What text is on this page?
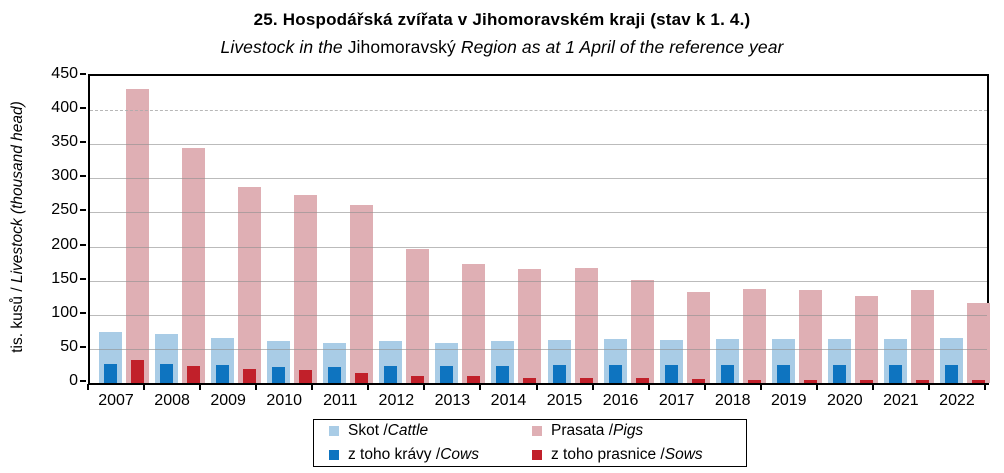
25. Hospodářská zvířata v Jihomoravském kraji (stav k 1. 4.)
Livestock in the Jihomoravský Region as at 1 April of the reference year
tis. kusů / Livestock (thousand head)
0
50
100
150
200
250
300
350
400
450
2007	2008	2009	2010	2011	2012	2013	2014	2015	2016	2017	2018	2019	2020	2021	2022
Skot / Cattle	Prasata / Pigs
z toho krávy / Cows	z toho prasnice / Sows
